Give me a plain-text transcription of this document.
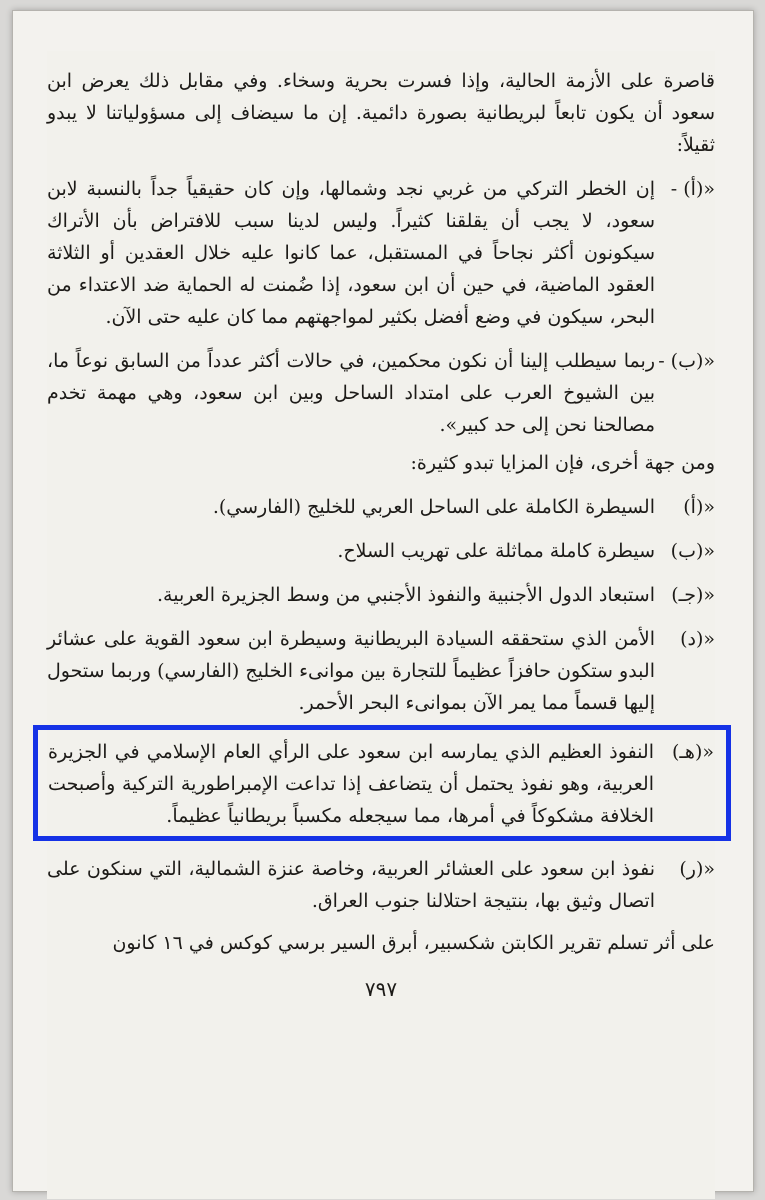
قاصرة على الأزمة الحالية، وإذا فسرت بحرية وسخاء. وفي مقابل ذلك يعرض ابن سعود أن يكون تابعاً لبريطانية بصورة دائمية. إن ما سيضاف إلى مسؤولياتنا لا يبدو ثقيلاً:

«(أ) -
إن الخطر التركي من غربي نجد وشمالها، وإن كان حقيقياً جداً بالنسبة لابن سعود، لا يجب أن يقلقنا كثيراً. وليس لدينا سبب للافتراض بأن الأتراك سيكونون أكثر نجاحاً في المستقبل، عما كانوا عليه خلال العقدين أو الثلاثة العقود الماضية، في حين أن ابن سعود، إذا ضُمنت له الحماية ضد الاعتداء من البحر، سيكون في وضع أفضل بكثير لمواجهتهم مما كان عليه حتى الآن.
«(ب) -
ربما سيطلب إلينا أن نكون محكمين، في حالات أكثر عدداً من السابق نوعاً ما، بين الشيوخ العرب على امتداد الساحل وبين ابن سعود، وهي مهمة تخدم مصالحنا نحن إلى حد كبير».

ومن جهة أخرى، فإن المزايا تبدو كثيرة:

«(أ)
السيطرة الكاملة على الساحل العربي للخليج (الفارسي).
«(ب)
سيطرة كاملة مماثلة على تهريب السلاح.
«(جـ)
استبعاد الدول الأجنبية والنفوذ الأجنبي من وسط الجزيرة العربية.
«(د)
الأمن الذي ستحققه السيادة البريطانية وسيطرة ابن سعود القوية على عشائر البدو ستكون حافزاً عظيماً للتجارة بين موانىء الخليج (الفارسي) وربما ستحول إليها قسماً مما يمر الآن بموانىء البحر الأحمر.
«(هـ)
النفوذ العظيم الذي يمارسه ابن سعود على الرأي العام الإسلامي في الجزيرة العربية، وهو نفوذ يحتمل أن يتضاعف إذا تداعت الإمبراطورية التركية وأصبحت الخلافة مشكوكاً في أمرها، مما سيجعله مكسباً بريطانياً عظيماً.
«(ر)
نفوذ ابن سعود على العشائر العربية، وخاصة عنزة الشمالية، التي سنكون على اتصال وثيق بها، بنتيجة احتلالنا جنوب العراق.

على أثر تسلم تقرير الكابتن شكسبير، أبرق السير برسي كوكس في ١٦ كانون

٧٩٧
